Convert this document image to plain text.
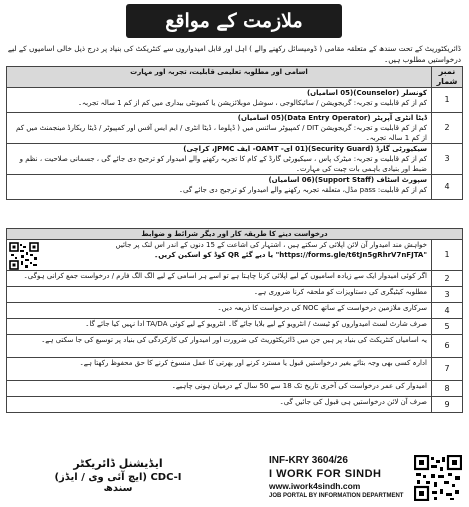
ملازمت کے مواقع
ڈائریکٹوریٹ کے تحت سندھ کے متعلقہ مقامی ( ڈومیسائل رکھنے والے ) اہل اور قابل امیدواروں سے کنٹریکٹ کی بنیاد پر درج ذیل خالی اسامیوں کے لیے درخواستیں مطلوب ہیں۔
نمبر شمار	اسامی اور مطلوبہ تعلیمی قابلیت، تجربہ اور مہارت
1	کونسلر (Counselor)(05 اسامیاں)
کم از کم قابلیت و تجربہ: گریجویشن / سائیکالوجی ، سوشل موبلائزیشن یا کمیونٹی بیداری میں کم از کم 1 سالہ تجربہ۔

2	ڈیٹا انٹری آپریٹر (Data Entry Operator)(05 اسامیاں)
کم از کم قابلیت و تجربہ: گریجویشن DIT / کمپیوٹر سائنس میں ( ڈپلوما ، ڈیٹا انٹری / ایم ایس آفس اور کمپیوٹر / ڈیٹا ریکارڈ مینجمنٹ میں کم از کم 1 سالہ تجربہ۔

3	سیکیورٹی گارڈ (Security Guard)(01 ای- OAMT- ایف JPMC، کراچی)
کم از کم قابلیت و تجربہ: میٹرک پاس ، سیکیورٹی گارڈ کے کام کا تجربہ رکھنے والے امیدوار کو ترجیح دی جائے گی ، جسمانی صلاحیت ، نظم و ضبط اور بنیادی باہمی بات چیت کی مہارت۔

4	سپورٹ اسٹاف (Support Staff)(06 اسامیاں)
کم از کم قابلیت: pass مڈل، متعلقہ تجربہ رکھنے والے امیدوار کو ترجیح دی جائے گی۔
درخواست دینے کا طریقہ کار اور دیگر شرائط و ضوابط	
1	خواہش مند امیدوار آن لائن اپلائی کر سکتے ہیں ، اشتہار کی اشاعت کے 15 دنوں کے اندر اس لنک پر جائیں
"https://forms.gle/t6tJn5gRhrV7nFJTA" یا دیے گئے QR کوڈ کو اسکین کریں۔

2	اگر کوئی امیدوار ایک سے زیادہ اسامیوں کے لیے اپلائی کرنا چاہتا ہے تو اسے ہر اسامی کے لیے الگ الگ فارم / درخواست جمع کرانی ہوگی۔
3	مطلوبہ کیٹیگری کی دستاویزات کو ملحقہ کرنا ضروری ہے۔
4	سرکاری ملازمین درخواست کے ساتھ NOC کی درخواست کا ذریعہ دیں۔
5	صرف شارٹ لسٹ امیدواروں کو ٹیسٹ / انٹرویو کے لیے بلایا جائے گا۔ انٹرویو کے لیے کوئی TA/DA ادا نہیں کیا جائے گا۔
6	یہ اسامیاں کنٹریکٹ کی بنیاد پر ہیں جن میں ڈائریکٹوریٹ کی ضرورت اور امیدوار کی کارکردگی کی بنیاد پر توسیع کی جا سکتی ہے۔
7	ادارہ کسی بھی وجہ بتائے بغیر درخواستیں قبول یا مسترد کرنے اور بھرتی کا عمل منسوخ کرنے کا حق محفوظ رکھتا ہے۔
8	امیدوار کی عمر درخواست کی آخری تاریخ تک 18 سے 50 سال کے درمیان ہونی چاہیے۔
9	صرف آن لائن درخواستیں ہی قبول کی جائیں گی۔
ایڈیشنل ڈائریکٹر
CDC-I (ایچ آئی وی / ایڈز) سندھ
INF-KRY 3604/26
I WORK FOR SINDH
www.iwork4sindh.com
JOB PORTAL BY INFORMATION DEPARTMENT
